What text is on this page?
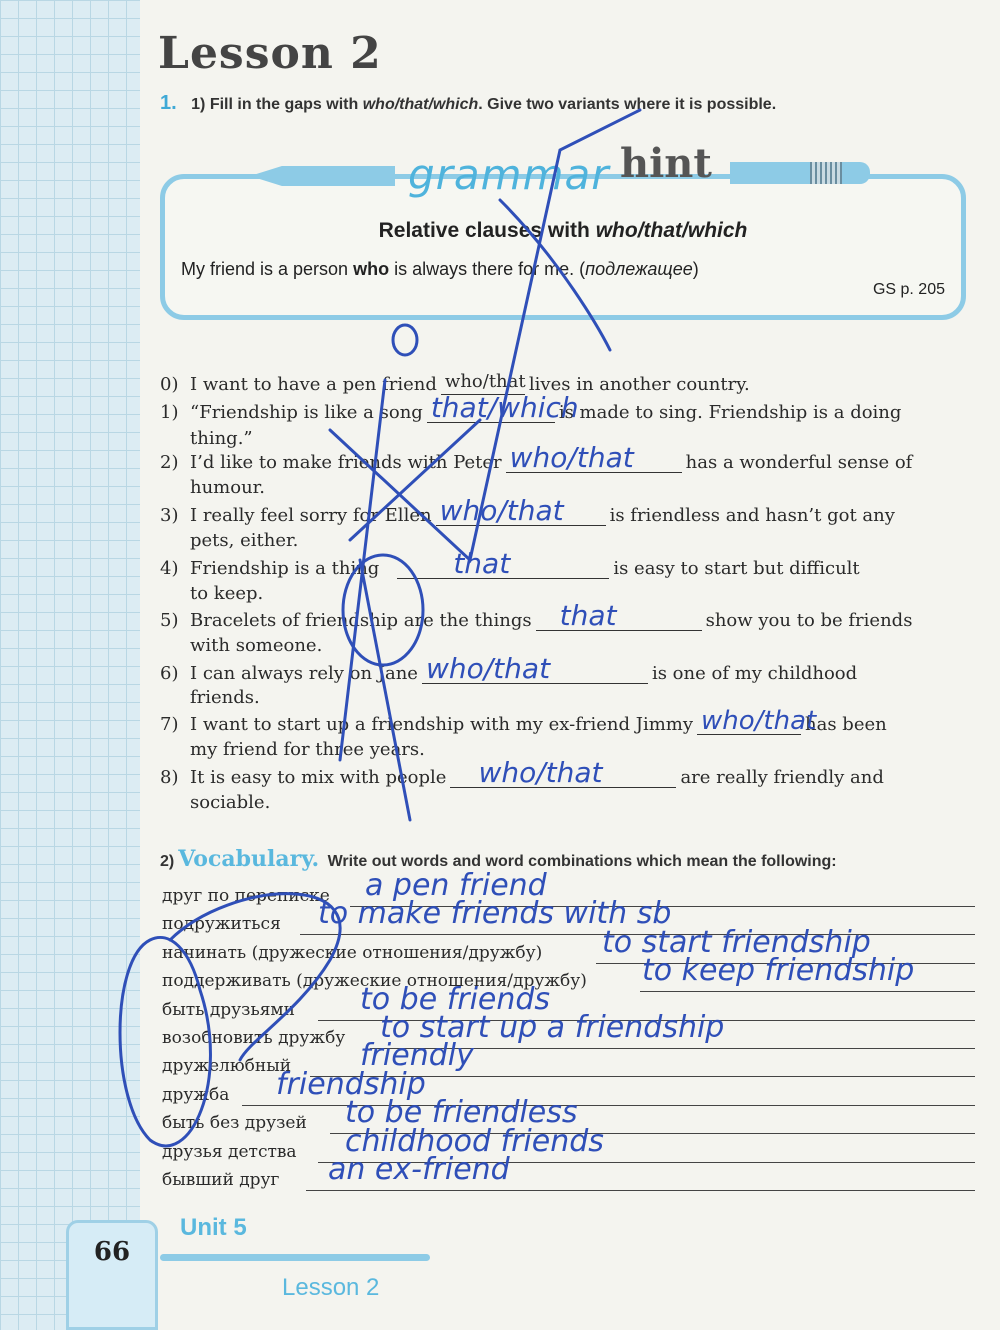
Lesson 2
1. 1) Fill in the gaps with who/that/which. Give two variants where it is possible.
Relative clauses with who/that/which
My friend is a person who is always there for me. (подлежащее)
GS p. 205
grammar hint
0) I want to have a pen friend who/that lives in another country.
1) “Friendship is like a song that/which
is made to sing. Friendship is a doing
thing.”
2) I’d like to make friends with Peter who/that	has a wonderful sense of
humour.
3) I really feel sorry for Ellen who/that	is friendless and hasn’t got any
pets, either.
4) Friendship is a thing	that	is easy to start but difficult
to keep.
5) Bracelets of friendship are the things that	show you to be friends
with someone.
6) I can always rely on Jane who/that	is one of my childhood
friends.
7) I want to start up a friendship with my ex-friend Jimmy who/that
has been
my friend for three years.
8) It is easy to mix with people who/that	are really friendly and
sociable.
2) Vocabulary. Write out words and word combinations which mean the following:
друг по переписке a pen friend
подружиться to make friends with sb
начинать (дружеские отношения/дружбу) to start friendship
поддерживать (дружеские отношения/дружбу) to keep friendship
быть друзьями to be friends
возобновить дружбу to start up a friendship
дружелюбный friendly
дружба friendship
быть без друзей to be friendless
друзья детства childhood friends
бывший друг an ex-friend
66
Unit 5
Lesson 2
